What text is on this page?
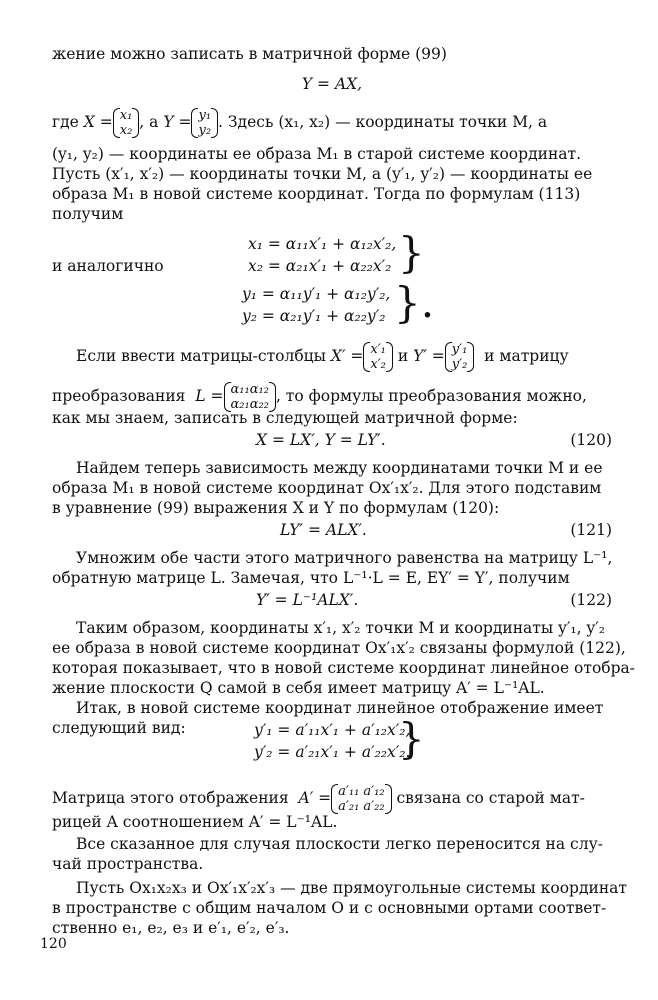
жение можно записать в матричной форме (99)
Y = AX,
где X = x₁
x₂ , а Y = y₁
y₂ . Здесь (x₁, x₂) — координаты точки M, а
(y₁, y₂) — координаты ее образа M₁ в старой системе координат.
Пусть (x′₁, x′₂) — координаты точки M, а (y′₁, y′₂) — координаты ее
образа M₁ в новой системе координат. Тогда по формулам (113)
получим
x₁ = α₁₁x′₁ + α₁₂x′₂,
x₂ = α₂₁x′₁ + α₂₂x′₂ }
и аналогично
y₁ = α₁₁y′₁ + α₁₂y′₂,
y₂ = α₂₁y′₁ + α₂₂y′₂ }.
Если ввести матрицы-столбцы X′ = x′₁
x′₂ и Y′ = y′₁
y′₂ и матрицу
преобразования L = α₁₁α₁₂
α₂₁α₂₂ , то формулы преобразования можно,
как мы знаем, записать в следующей матричной форме:
X = LX′, Y = LY′.	(120)
Найдем теперь зависимость между координатами точки M и ее
образа M₁ в новой системе координат Ox′₁x′₂. Для этого подставим
в уравнение (99) выражения X и Y по формулам (120):
LY′ = ALX′.	(121)
Умножим обе части этого матричного равенства на матрицу L⁻¹,
обратную матрице L. Замечая, что L⁻¹·L = E, EY′ = Y′, получим
Y′ = L⁻¹ALX′.	(122)
Таким образом, координаты x′₁, x′₂ точки M и координаты y′₁, y′₂
ее образа в новой системе координат Ox′₁x′₂ связаны формулой (122),
которая показывает, что в новой системе координат линейное отобра-
жение плоскости Q самой в себя имеет матрицу A′ = L⁻¹AL.
Итак, в новой системе координат линейное отображение имеет
следующий вид:	y′₁ = a′₁₁x′₁ + a′₁₂x′₂,
y′₂ = a′₂₁x′₁ + a′₂₂x′₂.
}
Матрица этого отображения A′ = a′₁₁ a′₁₂
a′₂₁ a′₂₂ связана со старой мат-
рицей A соотношением A′ = L⁻¹AL.
Все сказанное для случая плоскости легко переносится на слу-
чай пространства.
Пусть Ox₁x₂x₃ и Ox′₁x′₂x′₃ — две прямоугольные системы координат
в пространстве с общим началом O и с основными ортами соответ-
ственно e₁, e₂, e₃ и e′₁, e′₂, e′₃.
120
